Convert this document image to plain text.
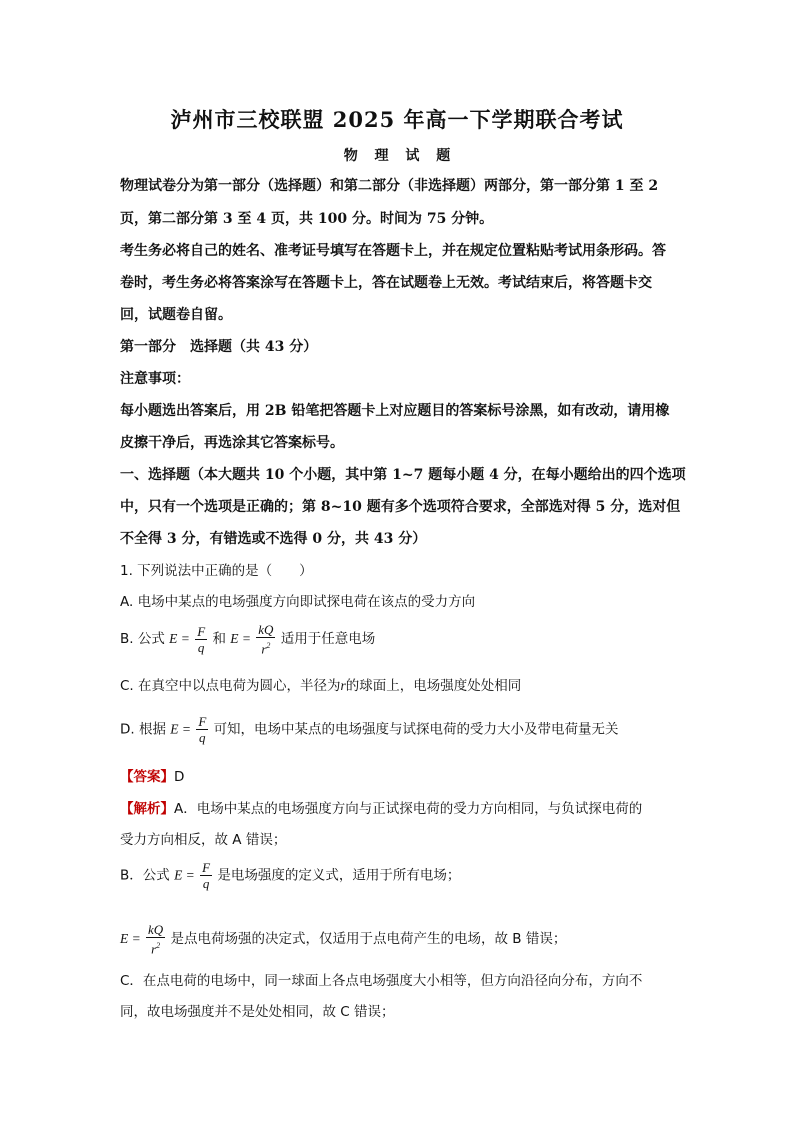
泸州市三校联盟 2025 年高一下学期联合考试
物 理 试 题
物理试卷分为第一部分（选择题）和第二部分（非选择题）两部分，第一部分第 1 至 2
页，第二部分第 3 至 4 页，共 100 分。时间为 75 分钟。
考生务必将自己的姓名、准考证号填写在答题卡上，并在规定位置粘贴考试用条形码。答
卷时，考生务必将答案涂写在答题卡上，答在试题卷上无效。考试结束后，将答题卡交
回，试题卷自留。
第一部分　选择题（共 43 分）
注意事项：
每小题选出答案后，用 2B 铅笔把答题卡上对应题目的答案标号涂黑，如有改动，请用橡
皮擦干净后，再选涂其它答案标号。
一、选择题（本大题共 10 个小题，其中第 1~7 题每小题 4 分，在每小题给出的四个选项
中，只有一个选项是正确的；第 8~10 题有多个选项符合要求，全部选对得 5 分，选对但
不全得 3 分，有错选或不选得 0 分，共 43 分）
1. 下列说法中正确的是（　　）
A. 电场中某点的电场强度方向即试探电荷在该点的受力方向
B. 公式 $E = \frac{F}{q}$ 和 $E = \frac{kQ}{r^2}$ 适用于任意电场
C. 在真空中以点电荷为圆心，半径为r的球面上，电场强度处处相同
D. 根据 $E = \frac{F}{q}$ 可知，电场中某点的电场强度与试探电荷的受力大小及带电荷量无关
【答案】D
【解析】A．电场中某点的电场强度方向与正试探电荷的受力方向相同，与负试探电荷的
受力方向相反，故 A 错误；
B．公式 $E = \frac{F}{q}$ 是电场强度的定义式，适用于所有电场；
$E = \frac{kQ}{r^2}$ 是点电荷场强的决定式，仅适用于点电荷产生的电场，故 B 错误；
C．在点电荷的电场中，同一球面上各点电场强度大小相等，但方向沿径向分布，方向不
同，故电场强度并不是处处相同，故 C 错误；
